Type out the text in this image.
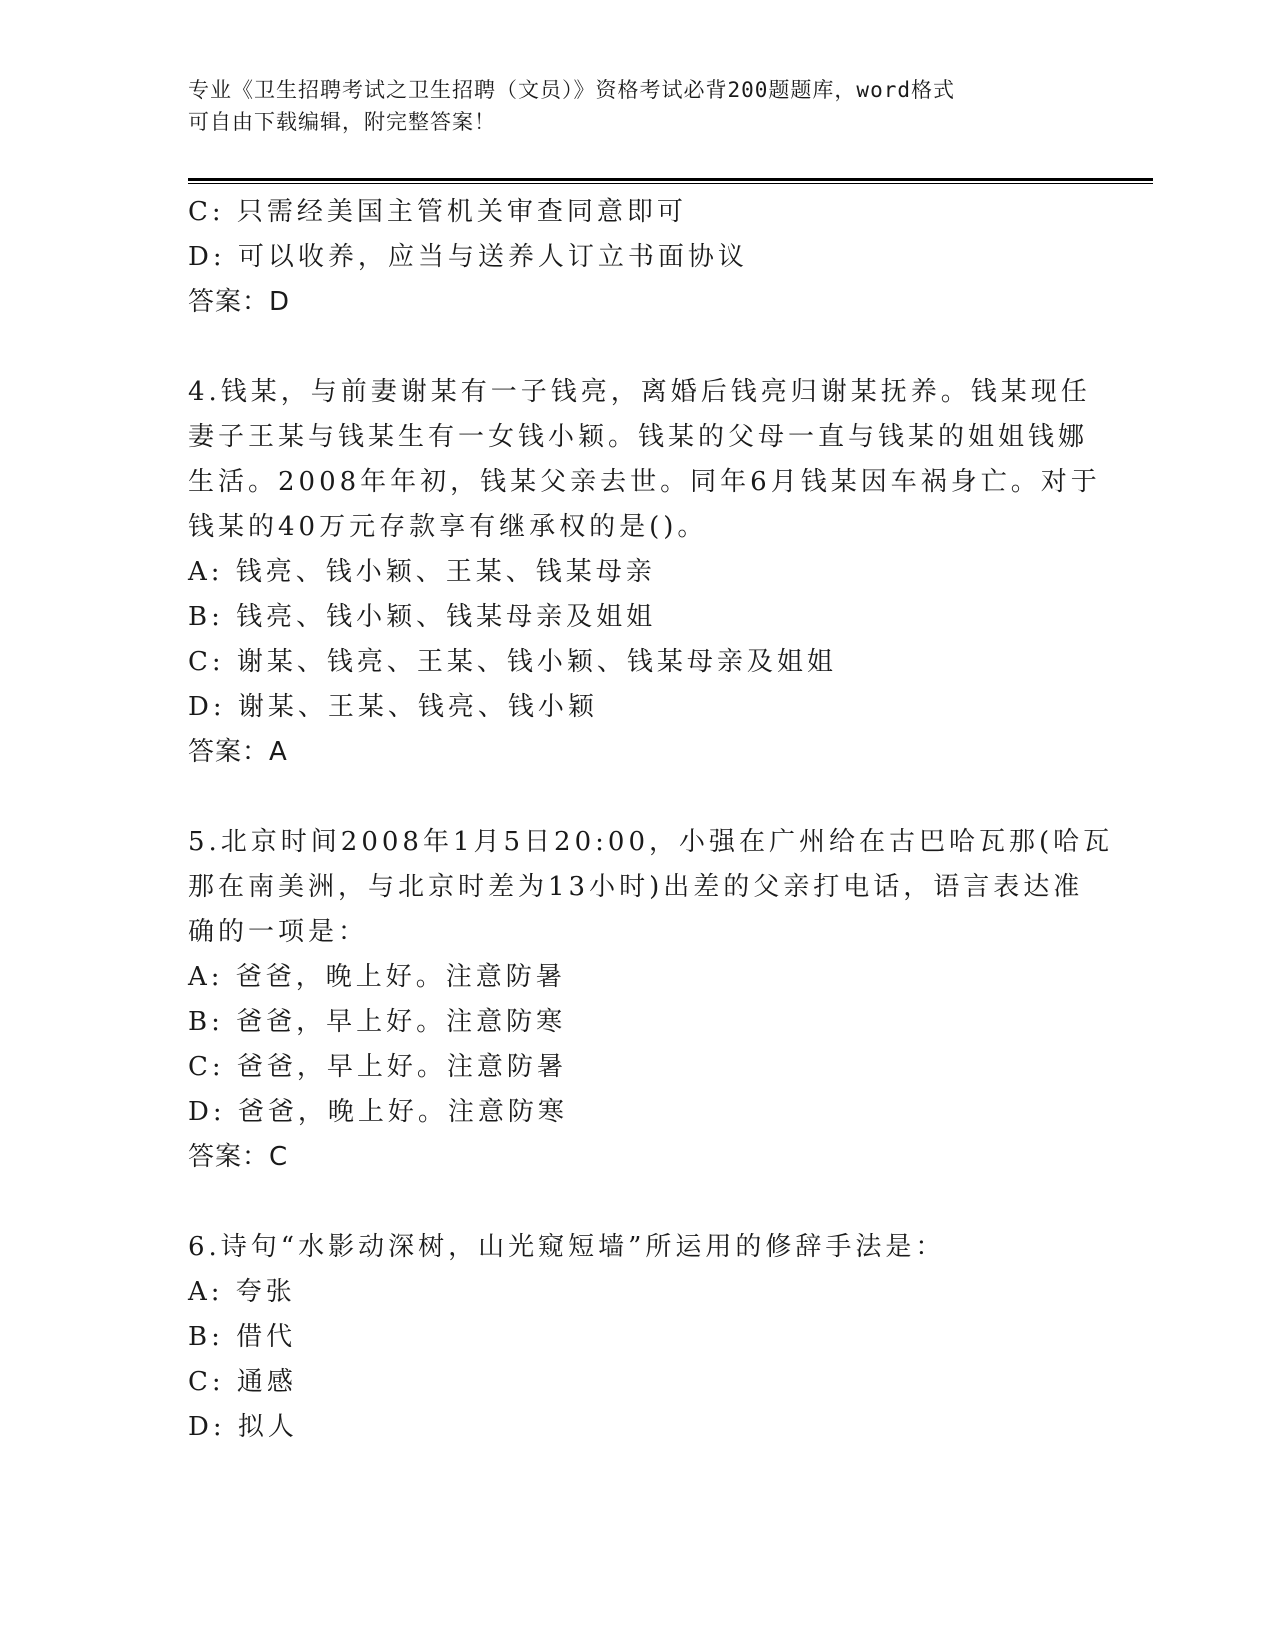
专业《卫生招聘考试之卫生招聘（文员）》资格考试必背200题题库，word格式
可自由下载编辑，附完整答案！
C: 只需经美国主管机关审查同意即可
D: 可以收养，应当与送养人订立书面协议
答案：D
4.钱某，与前妻谢某有一子钱亮，离婚后钱亮归谢某抚养。钱某现任
妻子王某与钱某生有一女钱小颖。钱某的父母一直与钱某的姐姐钱娜
生活。2008年年初，钱某父亲去世。同年6月钱某因车祸身亡。对于
钱某的40万元存款享有继承权的是()。
A: 钱亮、钱小颖、王某、钱某母亲
B: 钱亮、钱小颖、钱某母亲及姐姐
C: 谢某、钱亮、王某、钱小颖、钱某母亲及姐姐
D: 谢某、王某、钱亮、钱小颖
答案：A
5.北京时间2008年1月5日20:00，小强在广州给在古巴哈瓦那(哈瓦
那在南美洲，与北京时差为13小时)出差的父亲打电话，语言表达准
确的一项是：
A: 爸爸，晚上好。注意防暑
B: 爸爸，早上好。注意防寒
C: 爸爸，早上好。注意防暑
D: 爸爸，晚上好。注意防寒
答案：C
6.诗句“水影动深树，山光窥短墙”所运用的修辞手法是：
A: 夸张
B: 借代
C: 通感
D: 拟人
